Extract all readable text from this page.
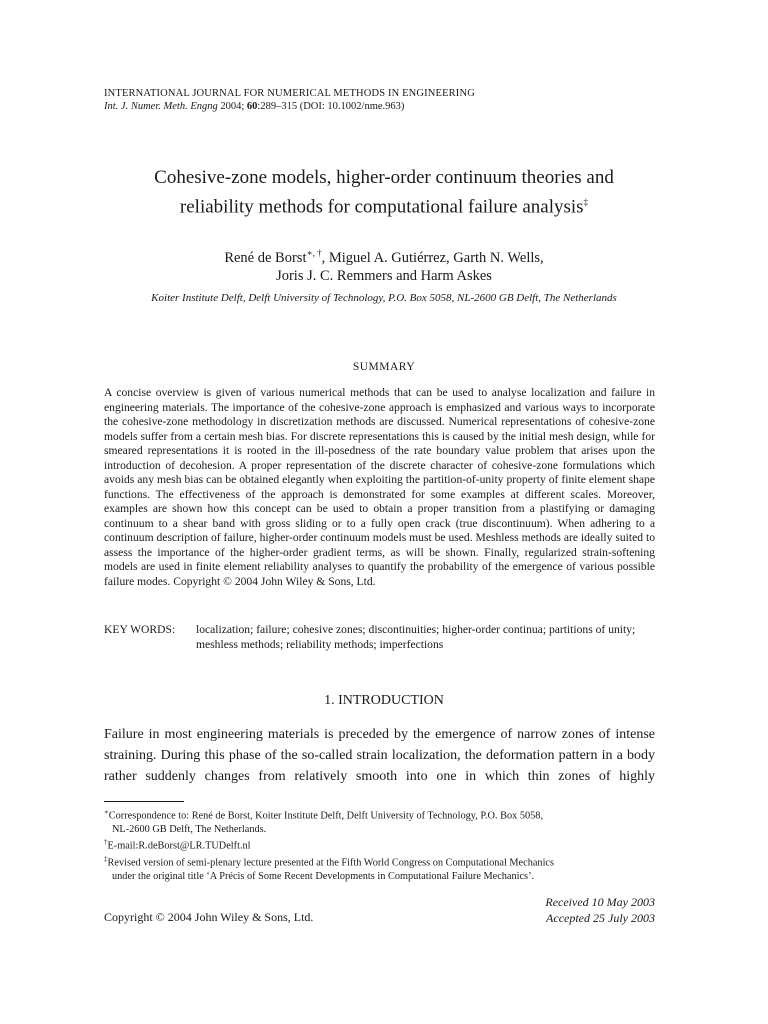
INTERNATIONAL JOURNAL FOR NUMERICAL METHODS IN ENGINEERING
Int. J. Numer. Meth. Engng 2004; 60:289–315 (DOI: 10.1002/nme.963)
Cohesive-zone models, higher-order continuum theories and
reliability methods for computational failure analysis‡
René de Borst∗, †, Miguel A. Gutiérrez, Garth N. Wells,
Joris J. C. Remmers and Harm Askes
Koiter Institute Delft, Delft University of Technology, P.O. Box 5058, NL-2600 GB Delft, The Netherlands
SUMMARY

A concise overview is given of various numerical methods that can be used to analyse localization and failure in engineering materials. The importance of the cohesive-zone approach is emphasized and various ways to incorporate the cohesive-zone methodology in discretization methods are discussed. Numerical representations of cohesive-zone models suffer from a certain mesh bias. For discrete representations this is caused by the initial mesh design, while for smeared representations it is rooted in the ill-posedness of the rate boundary value problem that arises upon the introduction of decohesion. A proper representation of the discrete character of cohesive-zone formulations which avoids any mesh bias can be obtained elegantly when exploiting the partition-of-unity property of finite element shape functions. The effectiveness of the approach is demonstrated for some examples at different scales. Moreover, examples are shown how this concept can be used to obtain a proper transition from a plastifying or damaging continuum to a shear band with gross sliding or to a fully open crack (true discontinuum). When adhering to a continuum description of failure, higher-order continuum models must be used. Meshless methods are ideally suited to assess the importance of the higher-order gradient terms, as will be shown. Finally, regularized strain-softening models are used in finite element reliability analyses to quantify the probability of the emergence of various possible failure modes. Copyright © 2004 John Wiley & Sons, Ltd.

KEY WORDS:	localization; failure; cohesive zones; discontinuities; higher-order continua; partitions of unity; meshless methods; reliability methods; imperfections
1. INTRODUCTION

Failure in most engineering materials is preceded by the emergence of narrow zones of intense straining. During this phase of the so-called strain localization, the deformation pattern in a body rather suddenly changes from relatively smooth into one in which thin zones of highly

∗Correspondence to: René de Borst, Koiter Institute Delft, Delft University of Technology, P.O. Box 5058,
NL-2600 GB Delft, The Netherlands.

†E-mail:R.deBorst@LR.TUDelft.nl

‡Revised version of semi-plenary lecture presented at the Fifth World Congress on Computational Mechanics
under the original title ‘A Précis of Some Recent Developments in Computational Failure Mechanics’.

Received 10 May 2003
Accepted 25 July 2003
Copyright © 2004 John Wiley & Sons, Ltd.
